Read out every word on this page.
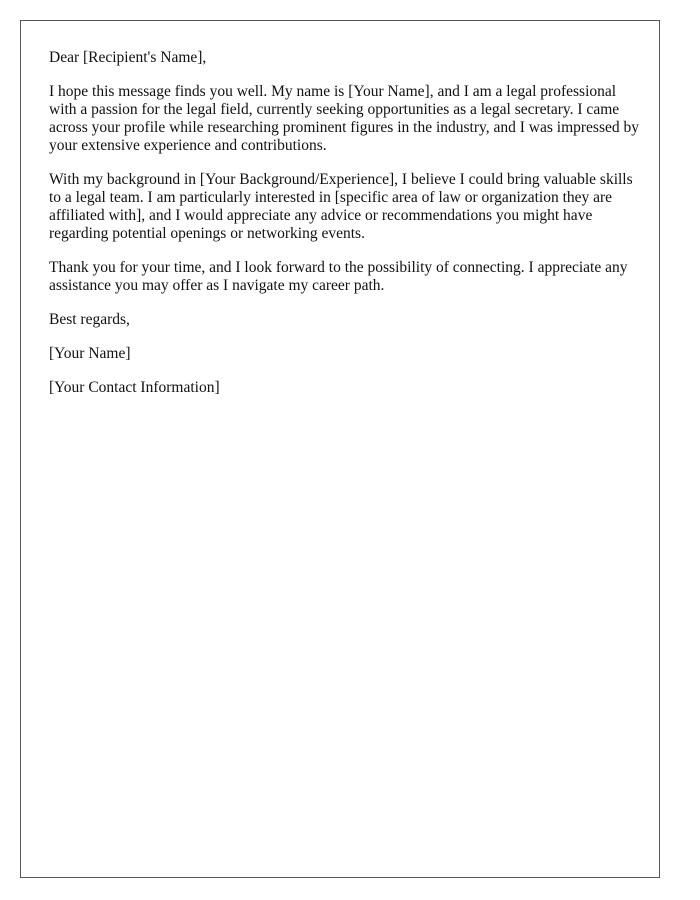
Dear [Recipient's Name],

I hope this message finds you well. My name is [Your Name], and I am a legal professional with a passion for the legal field, currently seeking opportunities as a legal secretary. I came across your profile while researching prominent figures in the industry, and I was impressed by your extensive experience and contributions.

With my background in [Your Background/Experience], I believe I could bring valuable skills to a legal team. I am particularly interested in [specific area of law or organization they are affiliated with], and I would appreciate any advice or recommendations you might have regarding potential openings or networking events.

Thank you for your time, and I look forward to the possibility of connecting. I appreciate any assistance you may offer as I navigate my career path.

Best regards,

[Your Name]

[Your Contact Information]
